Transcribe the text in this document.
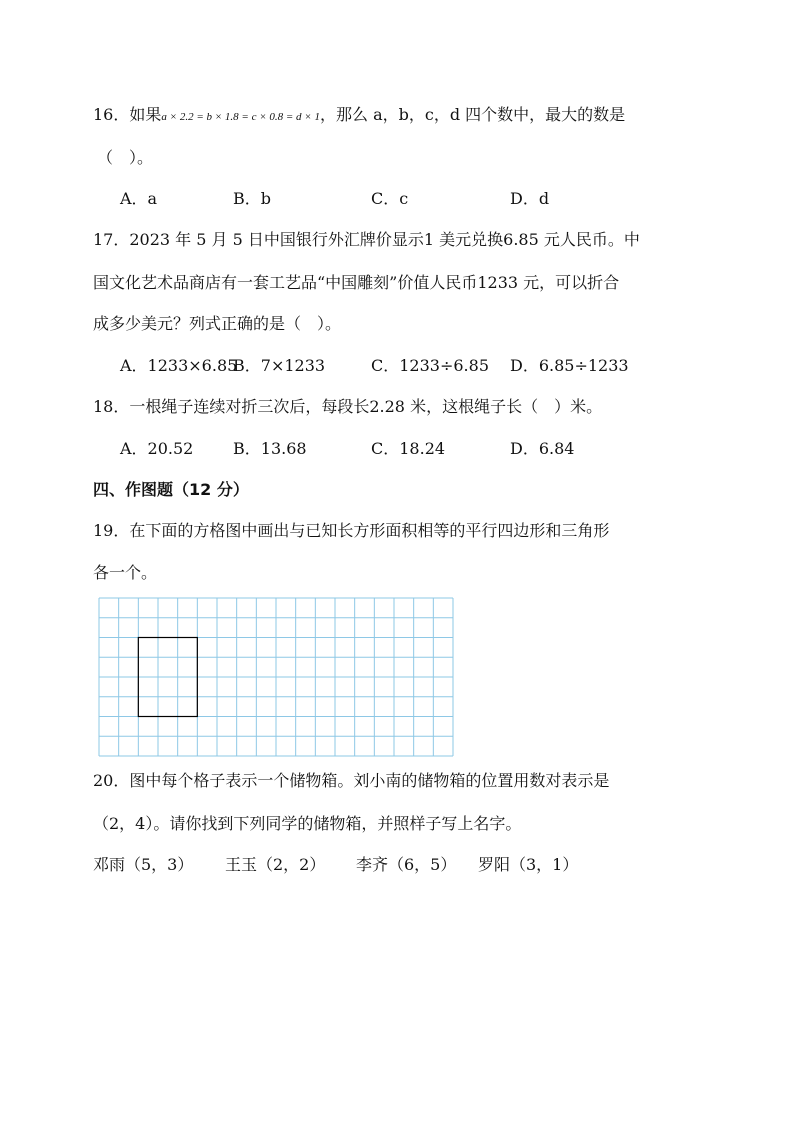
16．如果a × 2.2 = b × 1.8 = c × 0.8 = d × 1，那么 a，b，c，d 四个数中，最大的数是
（　）。
A．a	B．b	C．c	D．d
17．2023 年 5 月 5 日中国银行外汇牌价显示1 美元兑换6.85 元人民币。中
国文化艺术品商店有一套工艺品“中国雕刻”价值人民币1233 元，可以折合
成多少美元？列式正确的是（　）。
A．1233×6.85
B．7×1233	C．1233÷6.85 D．6.85÷1233
18．一根绳子连续对折三次后，每段长2.28 米，这根绳子长（　）米。
A．20.52 B．13.68	C．18.24	D．6.84
四、作图题（12 分）
19．在下面的方格图中画出与已知长方形面积相等的平行四边形和三角形
各一个。
20．图中每个格子表示一个储物箱。刘小南的储物箱的位置用数对表示是
（2，4）。请你找到下列同学的储物箱，并照样子写上名字。
邓雨（5，3） 王玉（2，2） 李齐（6，5） 罗阳（3，1）
